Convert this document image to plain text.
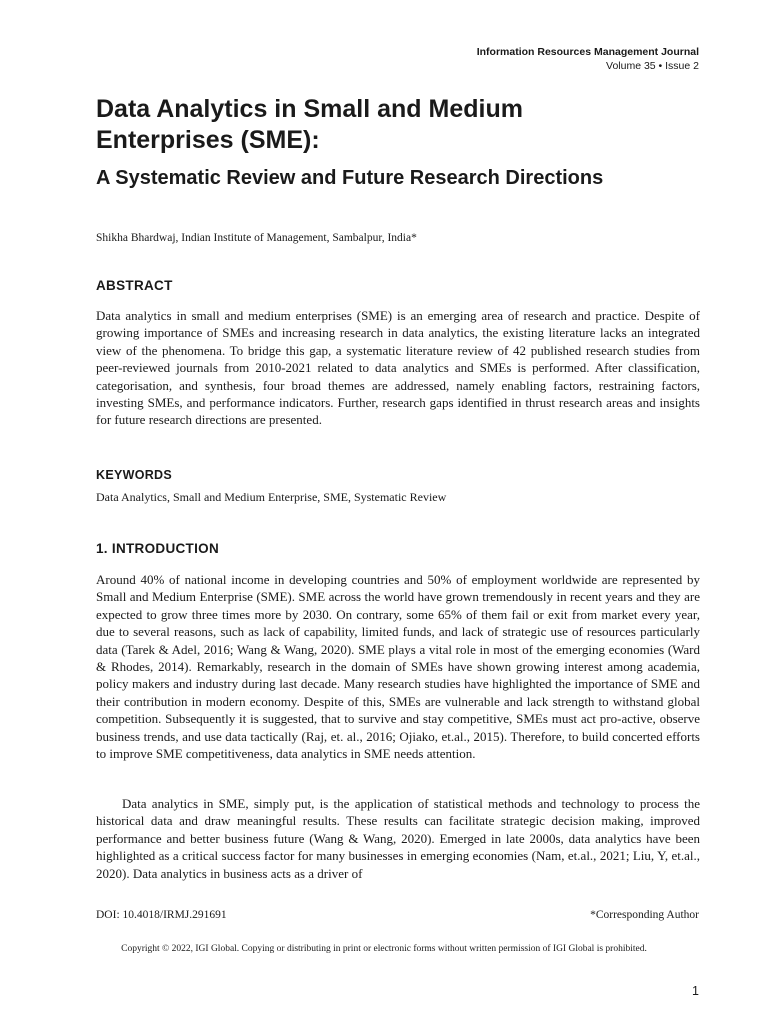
Information Resources Management Journal
Volume 35 • Issue 2
Data Analytics in Small and Medium Enterprises (SME):
A Systematic Review and Future Research Directions
Shikha Bhardwaj, Indian Institute of Management, Sambalpur, India*
ABSTRACT

Data analytics in small and medium enterprises (SME) is an emerging area of research and practice. Despite of growing importance of SMEs and increasing research in data analytics, the existing literature lacks an integrated view of the phenomena. To bridge this gap, a systematic literature review of 42 published research studies from peer-reviewed journals from 2010-2021 related to data analytics and SMEs is performed. After classification, categorisation, and synthesis, four broad themes are addressed, namely enabling factors, restraining factors, investing SMEs, and performance indicators. Further, research gaps identified in thrust research areas and insights for future research directions are presented.

KEYWORDS
Data Analytics, Small and Medium Enterprise, SME, Systematic Review
1. INTRODUCTION

Around 40% of national income in developing countries and 50% of employment worldwide are represented by Small and Medium Enterprise (SME). SME across the world have grown tremendously in recent years and they are expected to grow three times more by 2030. On contrary, some 65% of them fail or exit from market every year, due to several reasons, such as lack of capability, limited funds, and lack of strategic use of resources particularly data (Tarek & Adel, 2016; Wang & Wang, 2020). SME plays a vital role in most of the emerging economies (Ward & Rhodes, 2014). Remarkably, research in the domain of SMEs have shown growing interest among academia, policy makers and industry during last decade. Many research studies have highlighted the importance of SME and their contribution in modern economy. Despite of this, SMEs are vulnerable and lack strength to withstand global competition. Subsequently it is suggested, that to survive and stay competitive, SMEs must act pro-active, observe business trends, and use data tactically (Raj, et. al., 2016; Ojiako, et.al., 2015). Therefore, to build concerted efforts to improve SME competitiveness, data analytics in SME needs attention.

Data analytics in SME, simply put, is the application of statistical methods and technology to process the historical data and draw meaningful results. These results can facilitate strategic decision making, improved performance and better business future (Wang & Wang, 2020). Emerged in late 2000s, data analytics have been highlighted as a critical success factor for many businesses in emerging economies (Nam, et.al., 2021; Liu, Y, et.al., 2020). Data analytics in business acts as a driver of

DOI: 10.4018/IRMJ.291691	*Corresponding Author
Copyright © 2022, IGI Global. Copying or distributing in print or electronic forms without written permission of IGI Global is prohibited.
1
